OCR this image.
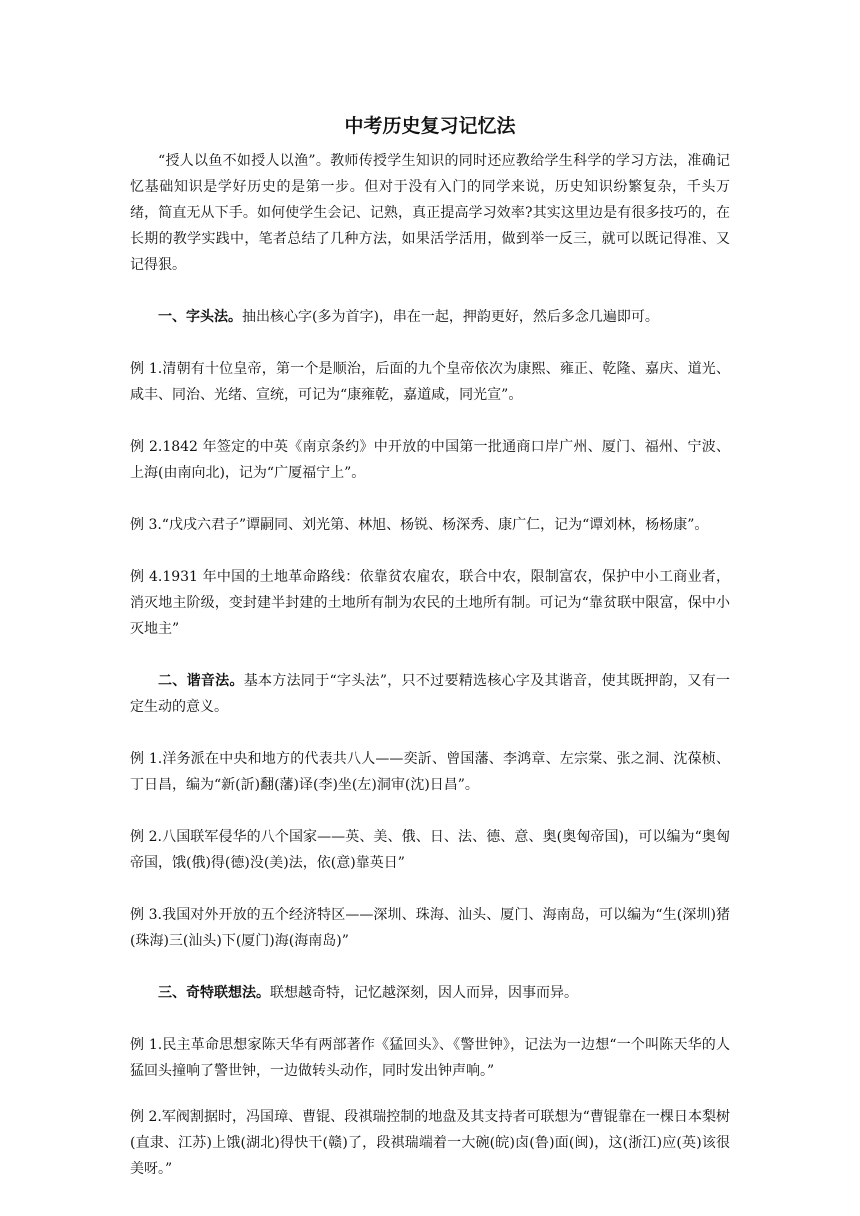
中考历史复习记忆法

“授人以鱼不如授人以渔”。教师传授学生知识的同时还应教给学生科学的学习方法，准确记忆基础知识是学好历史的是第一步。但对于没有入门的同学来说，历史知识纷繁复杂，千头万绪，简直无从下手。如何使学生会记、记熟，真正提高学习效率?其实这里边是有很多技巧的，在长期的教学实践中，笔者总结了几种方法，如果活学活用，做到举一反三，就可以既记得准、又记得狠。

一、字头法。抽出核心字(多为首字)，串在一起，押韵更好，然后多念几遍即可。

例 1.清朝有十位皇帝，第一个是顺治，后面的九个皇帝依次为康熙、雍正、乾隆、嘉庆、道光、咸丰、同治、光绪、宣统，可记为“康雍乾，嘉道咸，同光宣”。

例 2.1842 年签定的中英《南京条约》中开放的中国第一批通商口岸广州、厦门、福州、宁波、上海(由南向北)，记为“广厦福宁上”。

例 3.“戊戌六君子”谭嗣同、刘光第、林旭、杨锐、杨深秀、康广仁，记为“谭刘林，杨杨康”。

例 4.1931 年中国的土地革命路线：依靠贫农雇农，联合中农，限制富农，保护中小工商业者，消灭地主阶级，变封建半封建的土地所有制为农民的土地所有制。可记为“靠贫联中限富，保中小灭地主”

二、谐音法。基本方法同于“字头法”，只不过要精选核心字及其谐音，使其既押韵，又有一定生动的意义。

例 1.洋务派在中央和地方的代表共八人——奕訢、曾国藩、李鸿章、左宗棠、张之洞、沈葆桢、丁日昌，编为“新(訢)翻(藩)译(李)坐(左)洞审(沈)日昌”。

例 2.八国联军侵华的八个国家——英、美、俄、日、法、德、意、奥(奥匈帝国)，可以编为“奥匈帝国，饿(俄)得(德)没(美)法，依(意)靠英日”

例 3.我国对外开放的五个经济特区——深圳、珠海、汕头、厦门、海南岛，可以编为“生(深圳)猪(珠海)三(汕头)下(厦门)海(海南岛)”

三、奇特联想法。联想越奇特，记忆越深刻，因人而异，因事而异。

例 1.民主革命思想家陈天华有两部著作《猛回头》、《警世钟》，记法为一边想“一个叫陈天华的人猛回头撞响了警世钟，一边做转头动作，同时发出钟声响。”

例 2.军阀割据时，冯国璋、曹锟、段祺瑞控制的地盘及其支持者可联想为“曹锟靠在一棵日本梨树(直隶、江苏)上饿(湖北)得快干(赣)了，段祺瑞端着一大碗(皖)卤(鲁)面(闽)，这(浙江)应(英)该很美呀。”
